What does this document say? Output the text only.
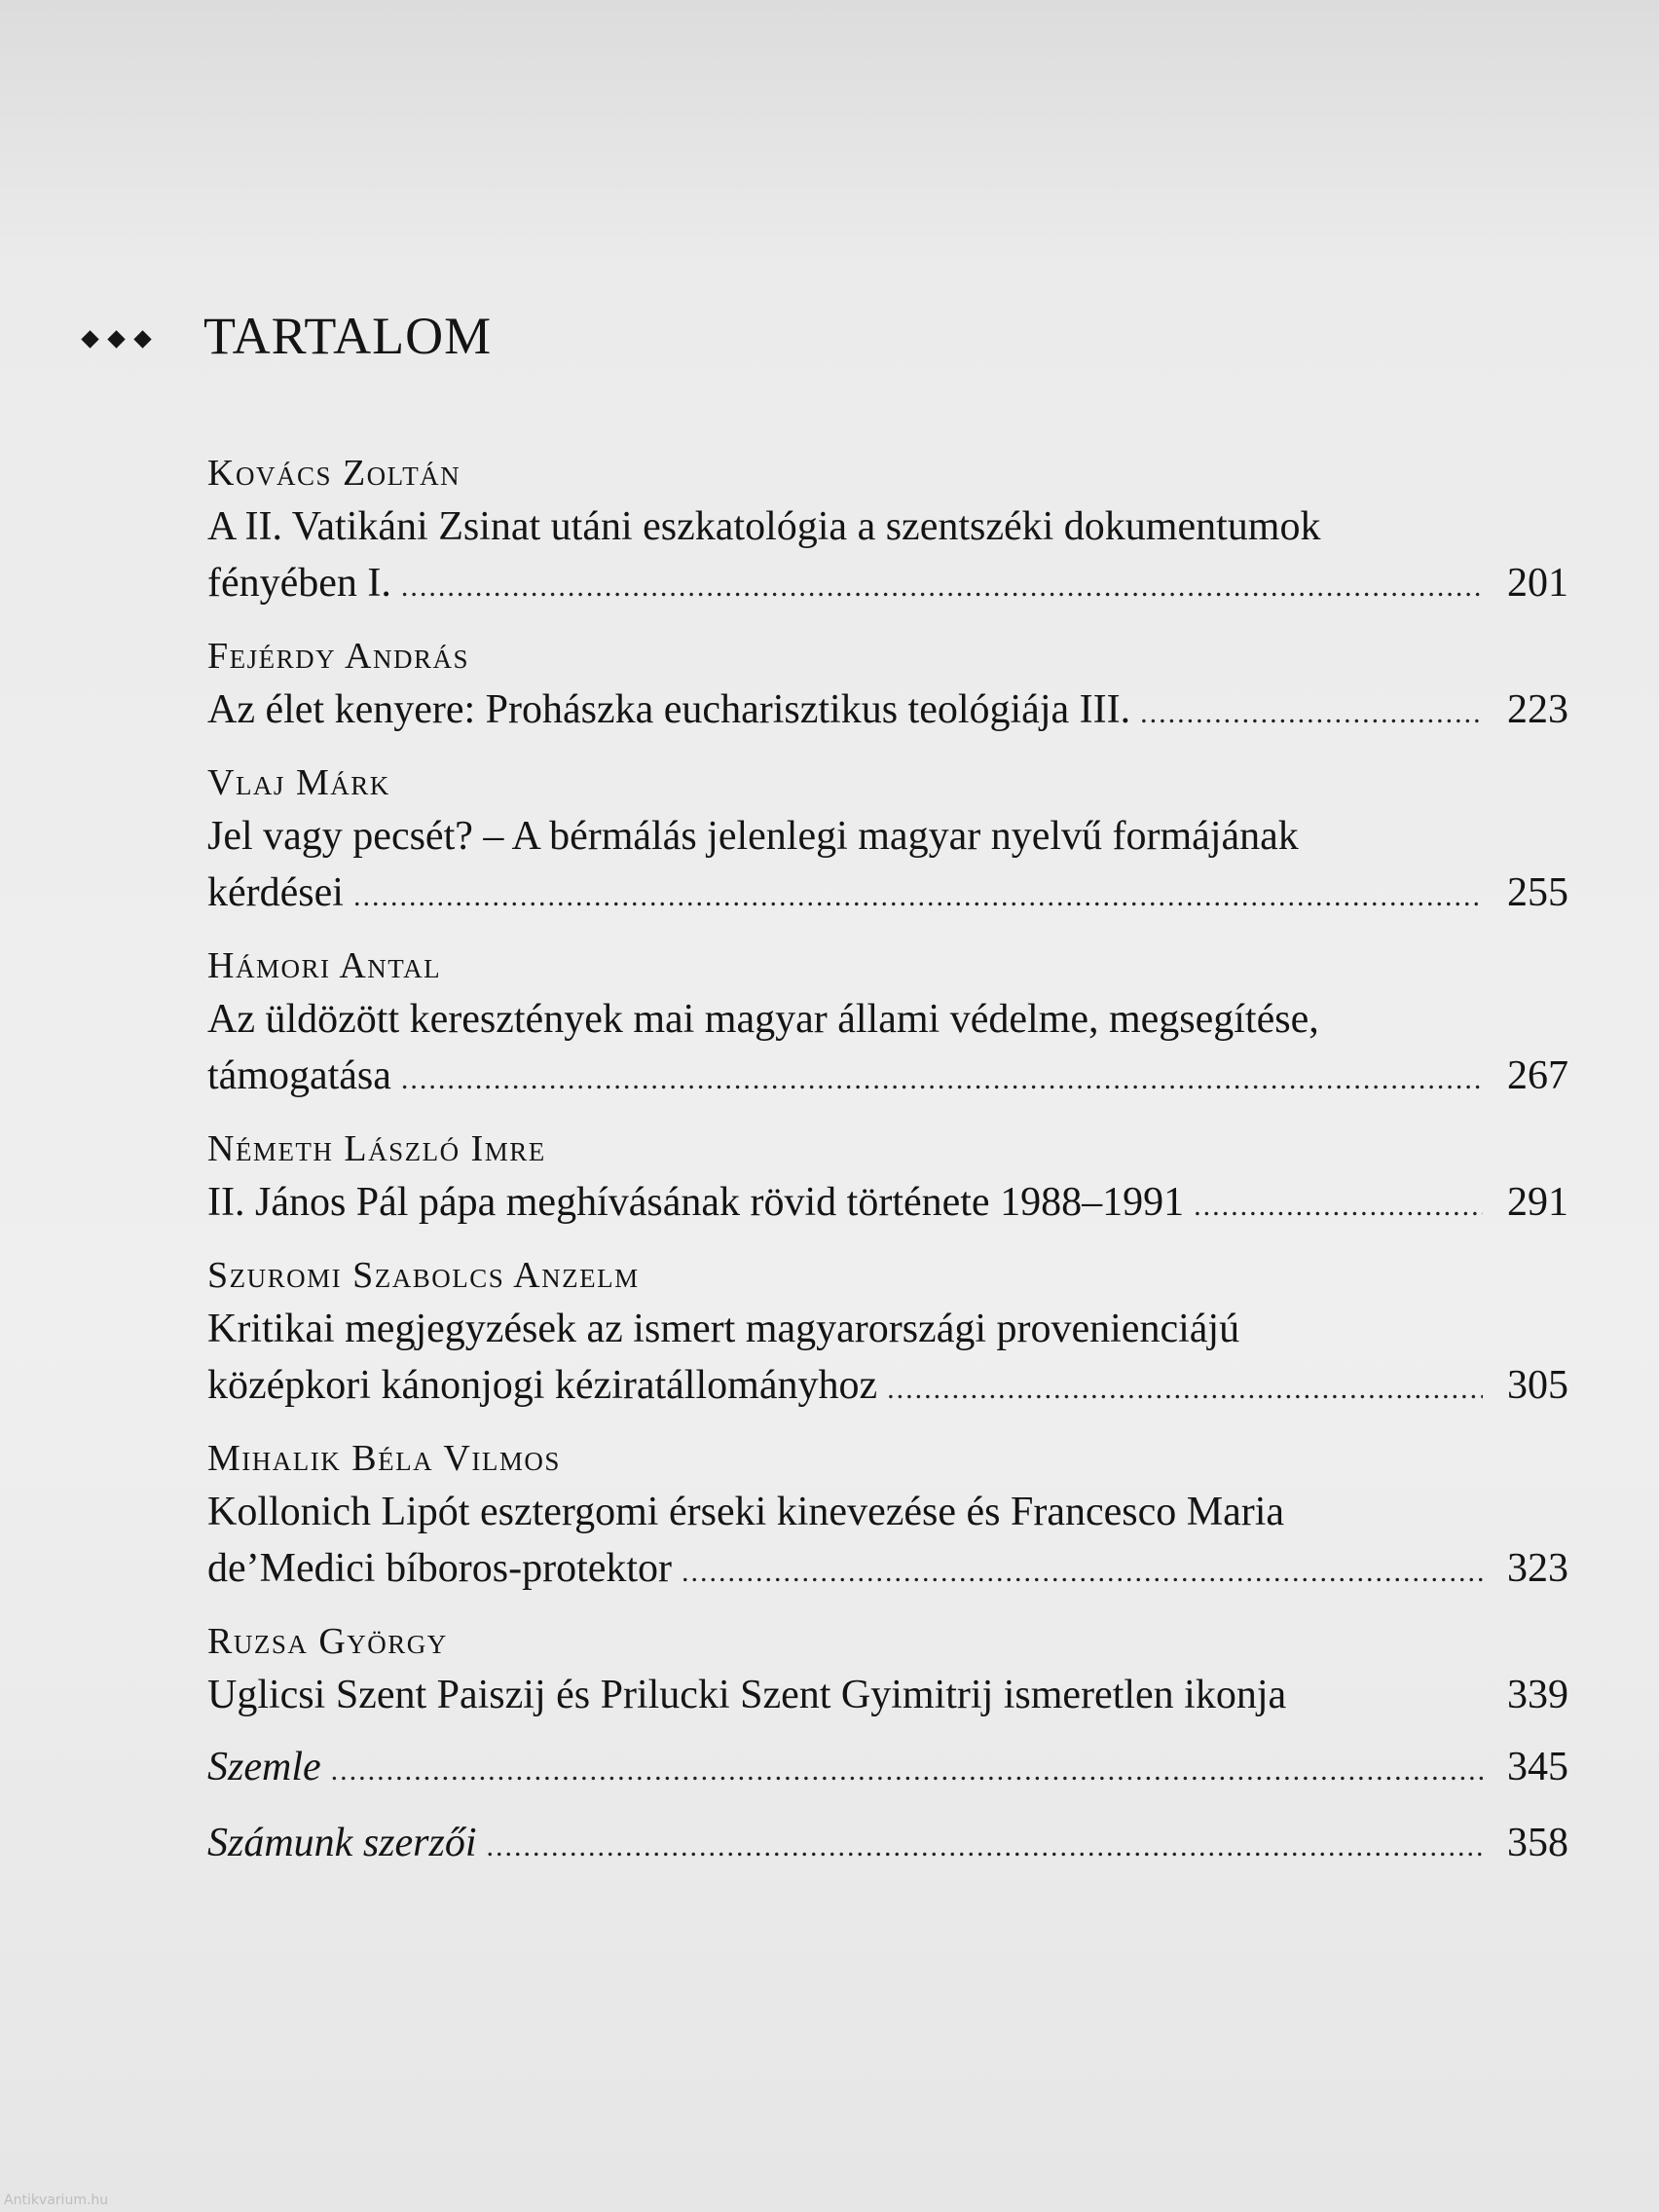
TARTALOM
Kovács Zoltán
A II. Vatikáni Zsinat utáni eszkatológia a szentszéki dokumentumok
fényében I. .....	201
Fejérdy András
Az élet kenyere: Prohászka eucharisztikus teológiája III. .....	223
Vlaj Márk
Jel vagy pecsét? – A bérmálás jelenlegi magyar nyelvű formájának
kérdései .....	255
Hámori Antal
Az üldözött keresztények mai magyar állami védelme, megsegítése,
támogatása .....	267
Németh László Imre
II. János Pál pápa meghívásának rövid története 1988–1991 .....	291
Szuromi Szabolcs Anzelm
Kritikai megjegyzések az ismert magyarországi provenienciájú
középkori kánonjogi kéziratállományhoz .....	305
Mihalik Béla Vilmos
Kollonich Lipót esztergomi érseki kinevezése és Francesco Maria
de’Medici bíboros-protektor .....	323
Ruzsa György
Uglicsi Szent Paiszij és Prilucki Szent Gyimitrij ismeretlen ikonja	339
Szemle .....	345
Számunk szerzői .....	358
Antikvarium.hu
